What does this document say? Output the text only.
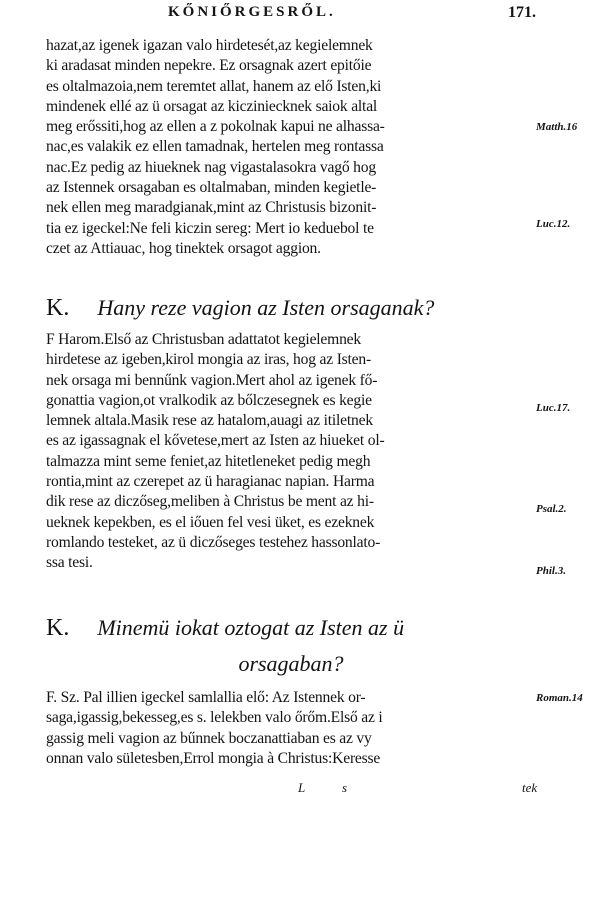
KŐNIŐRGESRŐL.	171.
hazat,az igenek igazan valo hirdetesét,az kegielemnek
ki aradasat minden nepekre. Ez orsagnak azert epitőie
es oltalmazoia,nem teremtet allat, hanem az elő Isten,ki
mindenek ellé az ü orsagat az kicziniecknek saiok altal
meg erőssiti,hog az ellen a z pokolnak kapui ne alhassa-
nac,es valakik ez ellen tamadnak, hertelen meg rontassa
nac.Ez pedig az hiueknek nag vigastalasokra vagő hog
az Istennek orsagaban es oltalmaban, minden kegietle-
nek ellen meg maradgianak,mint az Christusis bizonit-
tia ez igeckel:Ne feli kiczin sereg: Mert io keduebol te
czet az Attiauac, hog tinektek orsagot aggion.
K. Hany reze vagion az Isten orsaganak?
F Harom.Első az Christusban adattatot kegielemnek
hirdetese az igeben,kirol mongia az iras, hog az Isten-
nek orsaga mi bennűnk vagion.Mert ahol az igenek fő-
gonattia vagion,ot vralkodik az bőlczesegnek es kegie
lemnek altala.Masik rese az hatalom,auagi az itiletnek
es az igassagnak el kővetese,mert az Isten az hiueket ol-
talmazza mint seme feniet,az hitetleneket pedig megh
rontia,mint az czerepet az ü haragianac napian. Harma
dik rese az diczőseg,meliben à Christus be ment az hi-
ueknek kepekben, es el iőuen fel vesi üket, es ezeknek
romlando testeket, az ü diczőseges testehez hassonlato-
ssa tesi.
K. Minemü iokat oztogat az Isten az ü
orsagaban?
F. Sz. Pal illien igeckel samlallia elő: Az Istennek or-
saga,igassig,bekesseg,es s. lelekben valo őrőm.Első az i
gassig meli vagion az bűnnek boczanattiaban es az vy
onnan valo sületesben,Errol mongia à Christus:Keresse
Matth.16
Luc.12.
Luc.17.
Psal.2.
Phil.3.
Roman.14
L	s	tek
